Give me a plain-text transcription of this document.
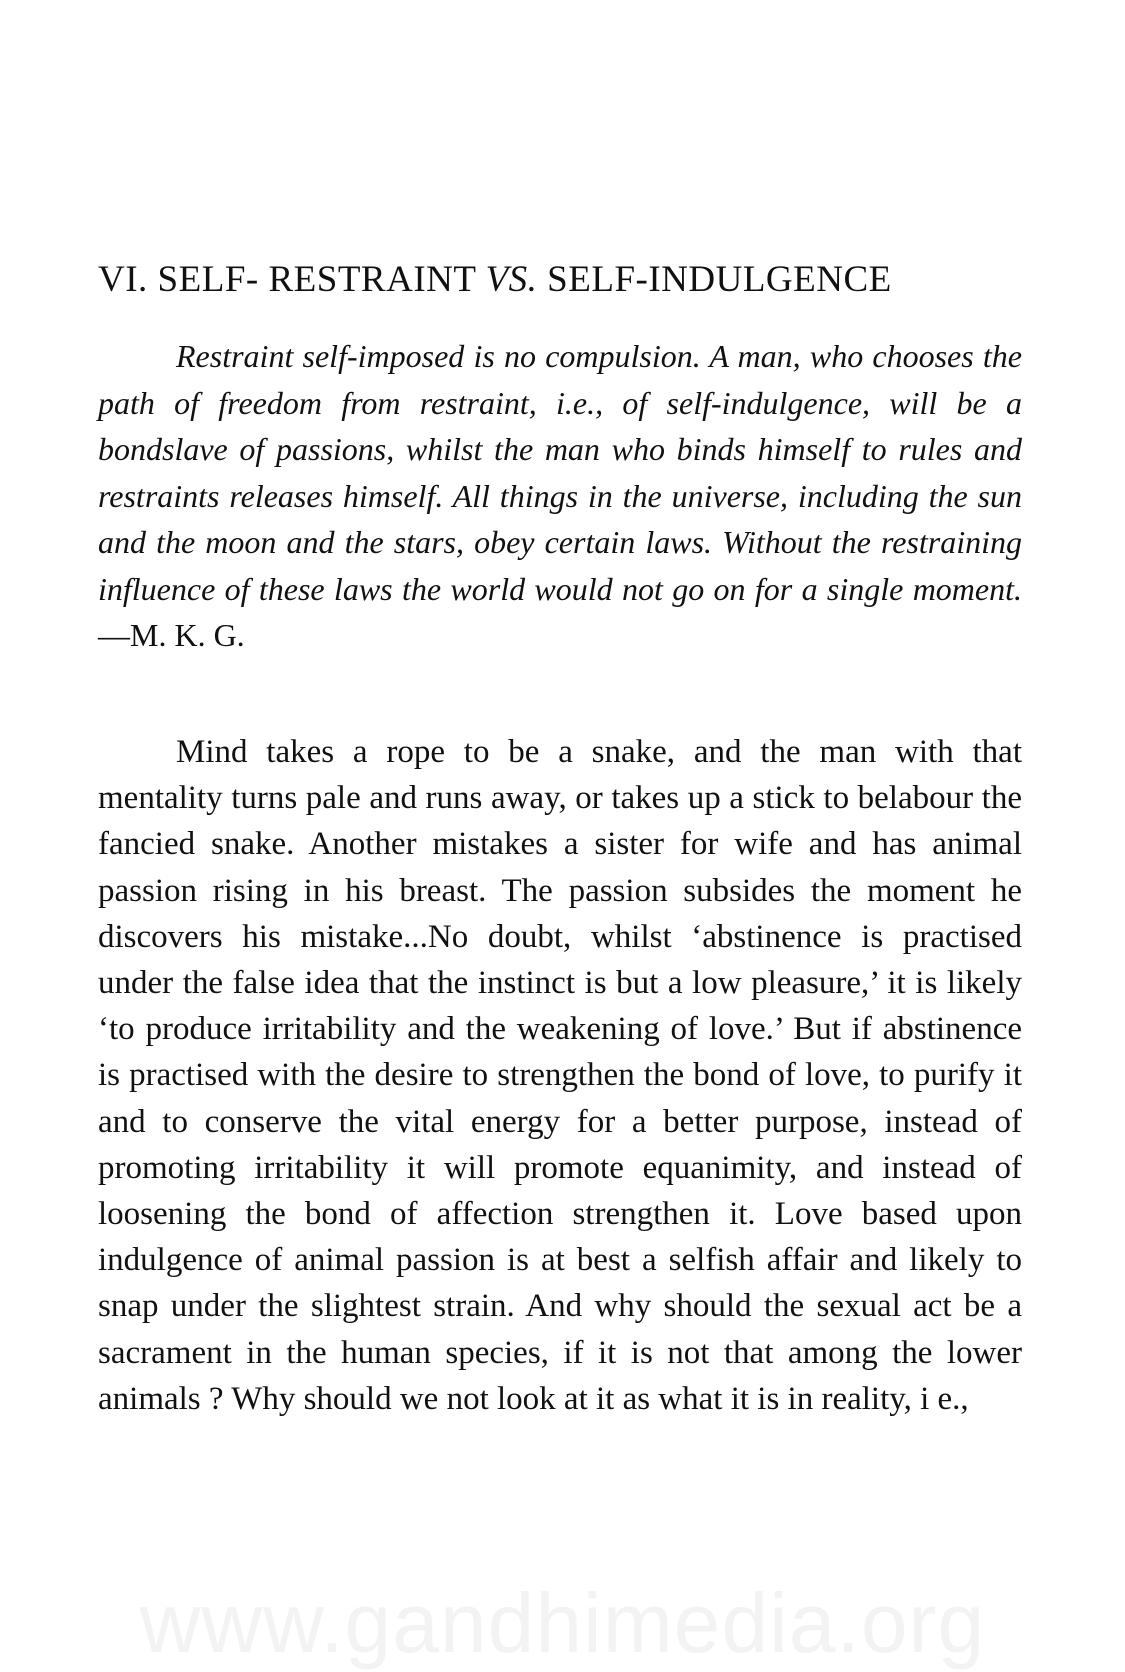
VI. SELF- RESTRAINT VS. SELF-INDULGENCE

Restraint self-imposed is no compulsion. A man, who chooses the path of freedom from restraint, i.e., of self-indulgence, will be a bondslave of passions, whilst the man who binds himself to rules and restraints releases himself. All things in the universe, including the sun and the moon and the stars, obey certain laws. Without the restraining influence of these laws the world would not go on for a single moment.—M. K. G.

Mind takes a rope to be a snake, and the man with that mentality turns pale and runs away, or takes up a stick to belabour the fancied snake. Another mistakes a sister for wife and has animal passion rising in his breast. The passion subsides the moment he discovers his mistake...No doubt, whilst ‘abstinence is practised under the false idea that the instinct is but a low pleasure,’ it is likely ‘to produce irritability and the weakening of love.’ But if abstinence is practised with the desire to strengthen the bond of love, to purify it and to conserve the vital energy for a better purpose, instead of promoting irritability it will promote equanimity, and instead of loosening the bond of affection strengthen it. Love based upon indulgence of animal passion is at best a selfish affair and likely to snap under the slightest strain. And why should the sexual act be a sacrament in the human species, if it is not that among the lower animals ? Why should we not look at it as what it is in reality, i e.,

www.gandhimedia.org
